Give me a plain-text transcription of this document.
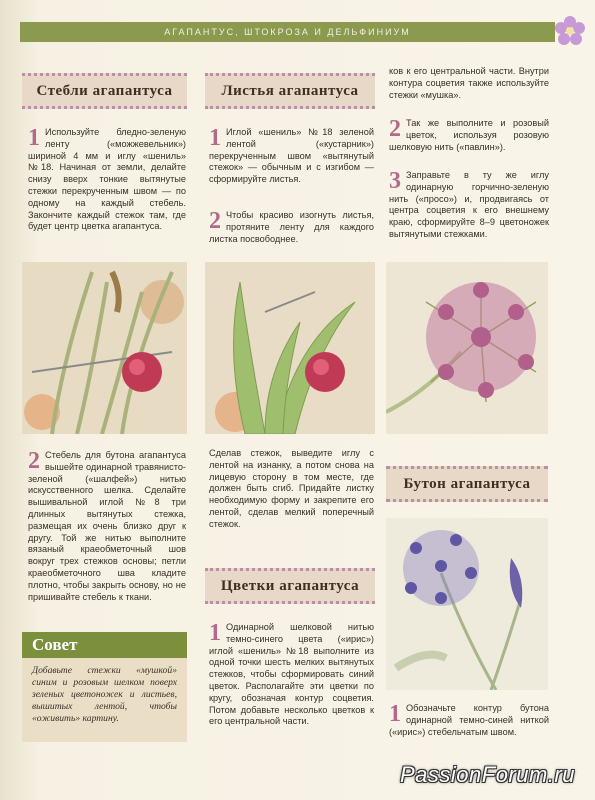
АГАПАНТУС, ШТОКРОЗА И ДЕЛЬФИНИУМ
Стебли агапантуса
1 Используйте бледно-зеленую ленту («можжевельник») шириной 4 мм и иглу «шениль» №18. Начиная от земли, делайте снизу вверх тонкие вытянутые стежки перекрученным швом — по одному на каждый стебель. Закончите каждый стежок там, где будет центр цветка агапантуса.
2 Стебель для бутона агапантуса вышейте одинарной травянисто-зеленой («шалфей») нитью искусственного шелка. Сделайте вышивальной иглой №8 три длинных вытянутых стежка, размещая их очень близко друг к другу. Той же нитью выполните вязаный краеобметочный шов вокруг трех стежков основы; петли краеобметочного шва кладите плотно, чтобы закрыть основу, но не пришивайте стебель к ткани.
Совет
Добавьте стежки «мушкой» синим и розовым шелком поверх зеленых цветоножек и листьев, вышитых лентой, чтобы «оживить» картину.
Листья агапантуса
1 Иглой «шениль» №18 зеленой лентой («кустарник») перекрученным швом «вытянутый стежок» — обычным и с изгибом — сформируйте листья.
2 Чтобы красиво изогнуть листья, протяните ленту для каждого листка посвободнее.
Сделав стежок, выведите иглу с лентой на изнанку, а потом снова на лицевую сторону в том месте, где должен быть сгиб. Придайте листку необходимую форму и закрепите его лентой, сделав мелкий поперечный стежок.
Цветки агапантуса
1 Одинарной шелковой нитью темно-синего цвета («ирис») иглой «шениль» №18 выполните из одной точки шесть мелких вытянутых стежков, чтобы сформировать синий цветок. Располагайте эти цветки по кругу, обозначая контур соцветия. Потом добавьте несколько цветков к его центральной части.
ков к его центральной части. Внутри контура соцветия также используйте стежки «мушка».
2 Так же выполните и розовый цветок, используя розовую шелковую нить («павлин»).
3 Заправьте в ту же иглу одинарную горчично-зеленую нить («просо») и, продвигаясь от центра соцветия к его внешнему краю, сформируйте 8–9 цветоножек вытянутыми стежками.
Бутон агапантуса
1 Обозначьте контур бутона одинарной темно-синей ниткой («ирис») стебельчатым швом.
PassionForum.ru
